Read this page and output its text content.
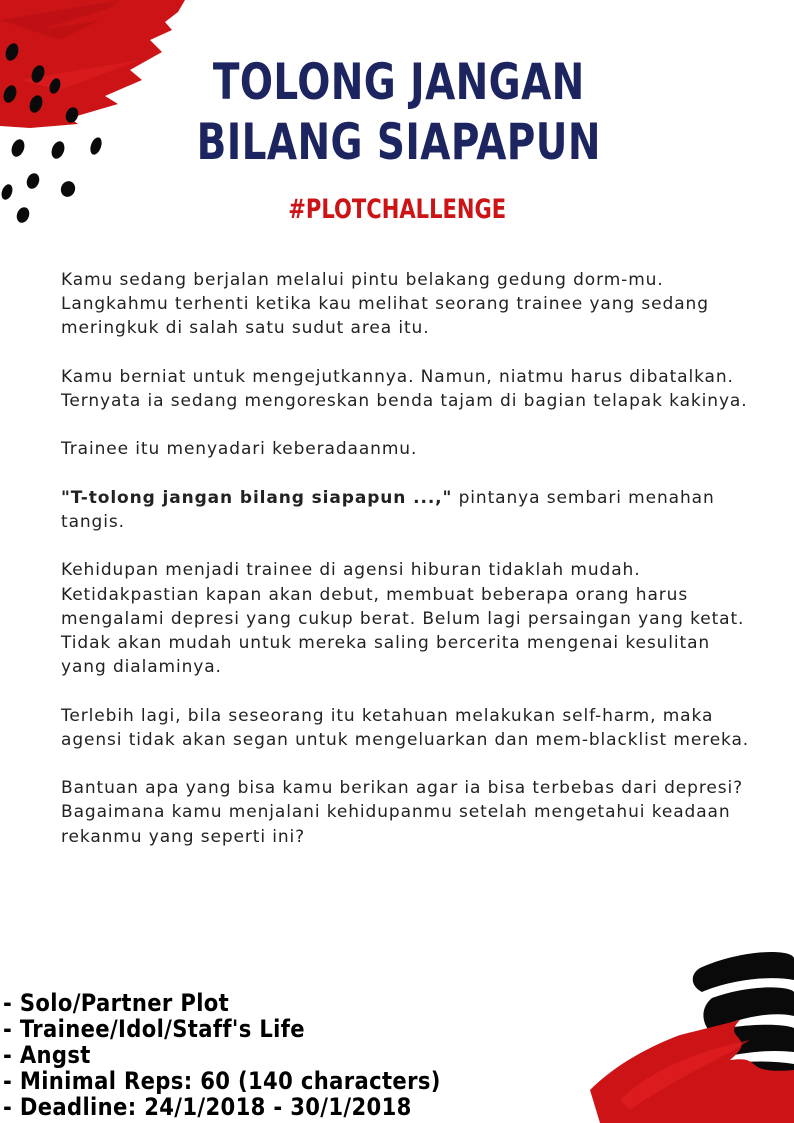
TOLONG JANGAN
BILANG SIAPAPUN
#PLOTCHALLENGE

Kamu sedang berjalan melalui pintu belakang gedung dorm-mu. Langkahmu terhenti ketika kau melihat seorang trainee yang sedang meringkuk di salah satu sudut area itu.

Kamu berniat untuk mengejutkannya. Namun, niatmu harus dibatalkan. Ternyata ia sedang mengoreskan benda tajam di bagian telapak kakinya.

Trainee itu menyadari keberadaanmu.

"T-tolong jangan bilang siapapun ...," pintanya sembari menahan tangis.

Kehidupan menjadi trainee di agensi hiburan tidaklah mudah. Ketidakpastian kapan akan debut, membuat beberapa orang harus mengalami depresi yang cukup berat. Belum lagi persaingan yang ketat. Tidak akan mudah untuk mereka saling bercerita mengenai kesulitan yang dialaminya.

Terlebih lagi, bila seseorang itu ketahuan melakukan self-harm, maka agensi tidak akan segan untuk mengeluarkan dan mem-blacklist mereka.

Bantuan apa yang bisa kamu berikan agar ia bisa terbebas dari depresi?
Bagaimana kamu menjalani kehidupanmu setelah mengetahui keadaan rekanmu yang seperti ini?

- Solo/Partner Plot
- Trainee/Idol/Staff's Life
- Angst
- Minimal Reps: 60 (140 characters)
- Deadline: 24/1/2018 - 30/1/2018
